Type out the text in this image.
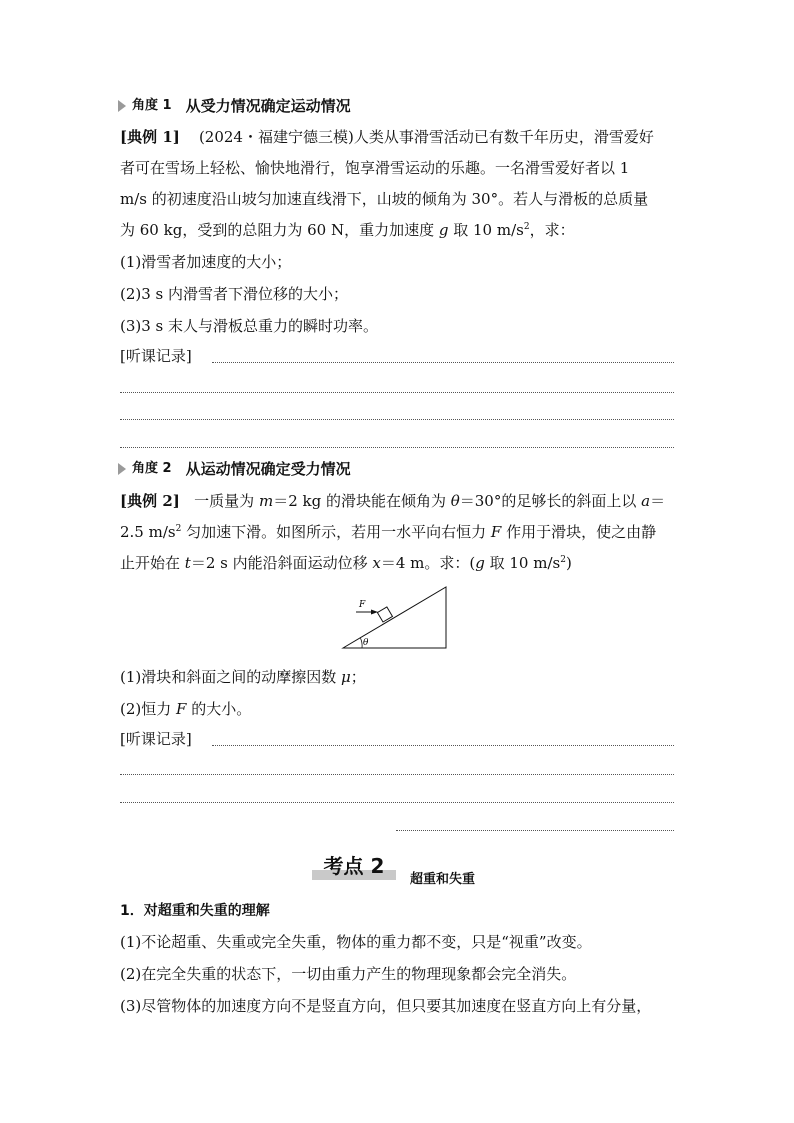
角度 1 从受力情况确定运动情况
[典例 1] (2024・福建宁德三模)人类从事滑雪活动已有数千年历史，滑雪爱好
者可在雪场上轻松、愉快地滑行，饱享滑雪运动的乐趣。一名滑雪爱好者以 1
m/s 的初速度沿山坡匀加速直线滑下，山坡的倾角为 30°。若人与滑板的总质量
为 60 kg，受到的总阻力为 60 N，重力加速度 g 取 10 $m/s^2$，求：
(1)滑雪者加速度的大小；
(2)3 s 内滑雪者下滑位移的大小；
(3)3 s 末人与滑板总重力的瞬时功率。
[听课记录]
角度 2 从运动情况确定受力情况
[典例 2] 一质量为 m＝2 kg 的滑块能在倾角为 θ＝30°的足够长的斜面上以 a＝
2.5 $m/s^2$ 匀加速下滑。如图所示，若用一水平向右恒力 F 作用于滑块，使之由静
止开始在 t＝2 s 内能沿斜面运动位移 x＝4 m。求：(g 取 10 $m/s^2$)
F
θ
(1)滑块和斜面之间的动摩擦因数 μ；
(2)恒力 F 的大小。
[听课记录]
考点 2
超重和失重
1．对超重和失重的理解
(1)不论超重、失重或完全失重，物体的重力都不变，只是“视重”改变。
(2)在完全失重的状态下，一切由重力产生的物理现象都会完全消失。
(3)尽管物体的加速度方向不是竖直方向，但只要其加速度在竖直方向上有分量，
